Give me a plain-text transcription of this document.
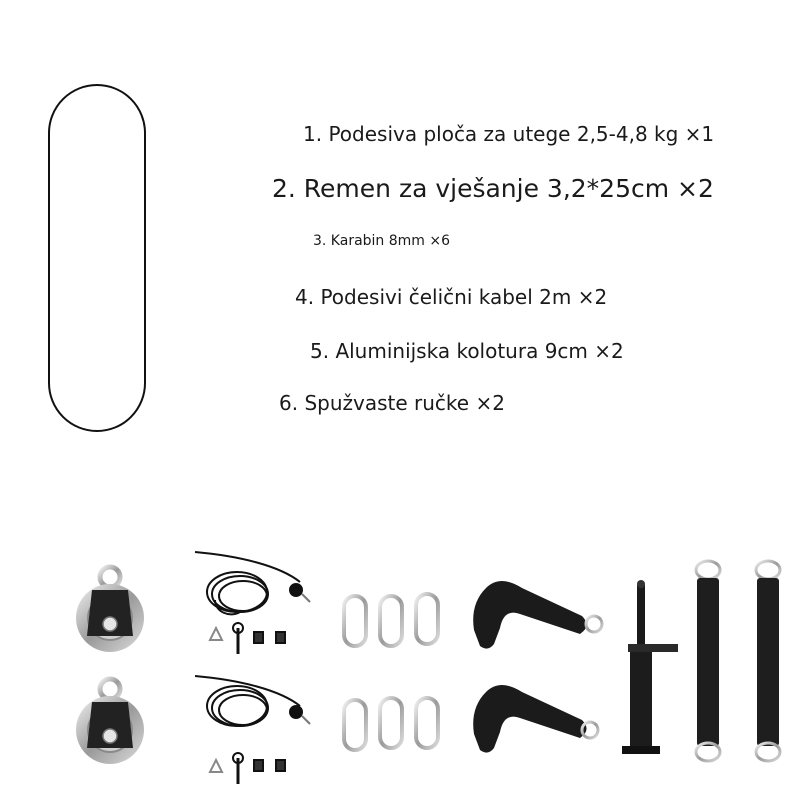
1. Podesiva ploča za utege 2,5-4,8 kg ×1
2. Remen za vješanje 3,2*25cm ×2
3. Karabin 8mm ×6
4. Podesivi čelični kabel 2m ×2
5. Aluminijska kolotura 9cm ×2
6. Spužvaste ručke ×2
